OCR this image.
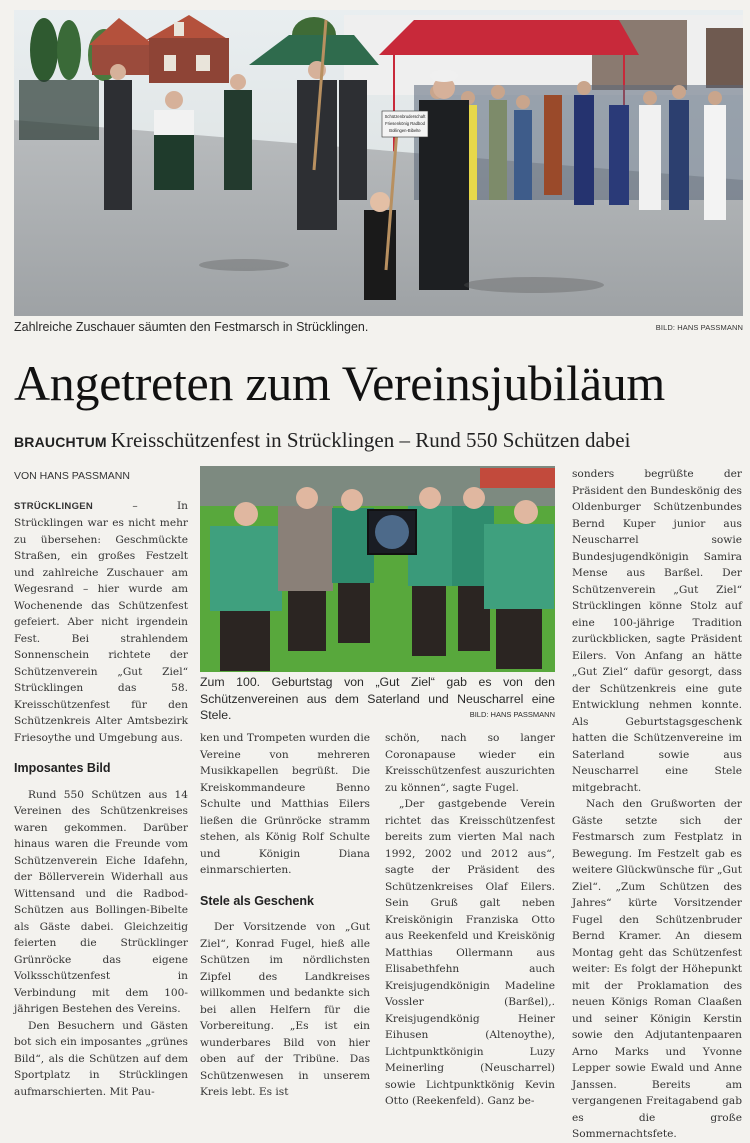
Schützenbruderschaft
Friesenkönig Radbod
Bollingen-Bibelte
Zahlreiche Zuschauer säumten den Festmarsch in Strücklingen.	BILD: HANS PASSMANN
Angetreten zum Vereinsjubiläum
BRAUCHTUM Kreisschützenfest in Strücklingen – Rund 550 Schützen dabei

VON HANS PASSMANN

STRÜCKLINGEN – In Strücklingen war es nicht mehr zu übersehen: Geschmückte Straßen, ein großes Festzelt und zahlreiche Zuschauer am Wegesrand – hier wurde am Wochenende das Schützenfest gefeiert. Aber nicht irgendein Fest. Bei strahlendem Sonnenschein richtete der Schützenverein „Gut Ziel“ Strücklingen das 58. Kreisschützenfest für den Schützenkreis Alter Amtsbezirk Friesoythe und Umgebung aus.

Imposantes Bild

Rund 550 Schützen aus 14 Vereinen des Schützenkreises waren gekommen. Darüber hinaus waren die Freunde vom Schützenverein Eiche Idafehn, der Böllerverein Widerhall aus Wittensand und die Radbod-Schützen aus Bollingen-Bibelte als Gäste dabei. Gleichzeitig feierten die Strücklinger Grünröcke das eigene Volksschützenfest in Verbindung mit dem 100-jährigen Bestehen des Vereins.

Den Besuchern und Gästen bot sich ein imposantes „grünes Bild“, als die Schützen auf dem Sportplatz in Strücklingen aufmarschierten. Mit Pau-

Zum 100. Geburtstag von „Gut Ziel“ gab es von den Schützenvereinen aus dem Saterland und Neuscharrel eine Stele.	BILD: HANS PASSMANN

ken und Trompeten wurden die Vereine von mehreren Musikkapellen begrüßt. Die Kreiskommandeure Benno Schulte und Matthias Eilers ließen die Grünröcke stramm stehen, als König Rolf Schulte und Königin Diana einmarschierten.

Stele als Geschenk

Der Vorsitzende von „Gut Ziel“, Konrad Fugel, hieß alle Schützen im nördlichsten Zipfel des Landkreises willkommen und bedankte sich bei allen Helfern für die Vorbereitung. „Es ist ein wunderbares Bild von hier oben auf der Tribüne. Das Schützenwesen in unserem Kreis lebt. Es ist

schön, nach so langer Coronapause wieder ein Kreisschützenfest auszurichten zu können“, sagte Fugel.

„Der gastgebende Verein richtet das Kreisschützenfest bereits zum vierten Mal nach 1992, 2002 und 2012 aus“, sagte der Präsident des Schützenkreises Olaf Eilers. Sein Gruß galt neben Kreiskönigin Franziska Otto aus Reekenfeld und Kreiskönig Matthias Ollermann aus Elisabethfehn auch Kreisjugendkönigin Madeline Vossler (Barßel),. Kreisjugendkönig Heiner Eihusen (Altenoythe), Lichtpunktkönigin Luzy Meinerling (Neuscharrel) sowie Lichtpunktkönig Kevin Otto (Reekenfeld). Ganz be-

sonders begrüßte der Präsident den Bundeskönig des Oldenburger Schützenbundes Bernd Kuper junior aus Neuscharrel sowie Bundesjugendkönigin Samira Mense aus Barßel. Der Schützenverein „Gut Ziel“ Strücklingen könne Stolz auf eine 100-jährige Tradition zurückblicken, sagte Präsident Eilers. Von Anfang an hätte „Gut Ziel“ dafür gesorgt, dass der Schützenkreis eine gute Entwicklung nehmen konnte. Als Geburtstagsgeschenk hatten die Schützenvereine im Saterland sowie aus Neuscharrel eine Stele mitgebracht.

Nach den Grußworten der Gäste setzte sich der Festmarsch zum Festplatz in Bewegung. Im Festzelt gab es weitere Glückwünsche für „Gut Ziel“. „Zum Schützen des Jahres“ kürte Vorsitzender Fugel den Schützenbruder Bernd Kramer. An diesem Montag geht das Schützenfest weiter: Es folgt der Höhepunkt mit der Proklamation des neuen Königs Roman Claaßen und seiner Königin Kerstin sowie den Adjutantenpaaren Arno Marks und Yvonne Lepper sowie Ewald und Anne Janssen. Bereits am vergangenen Freitagabend gab es die große Sommernachtsfete.
